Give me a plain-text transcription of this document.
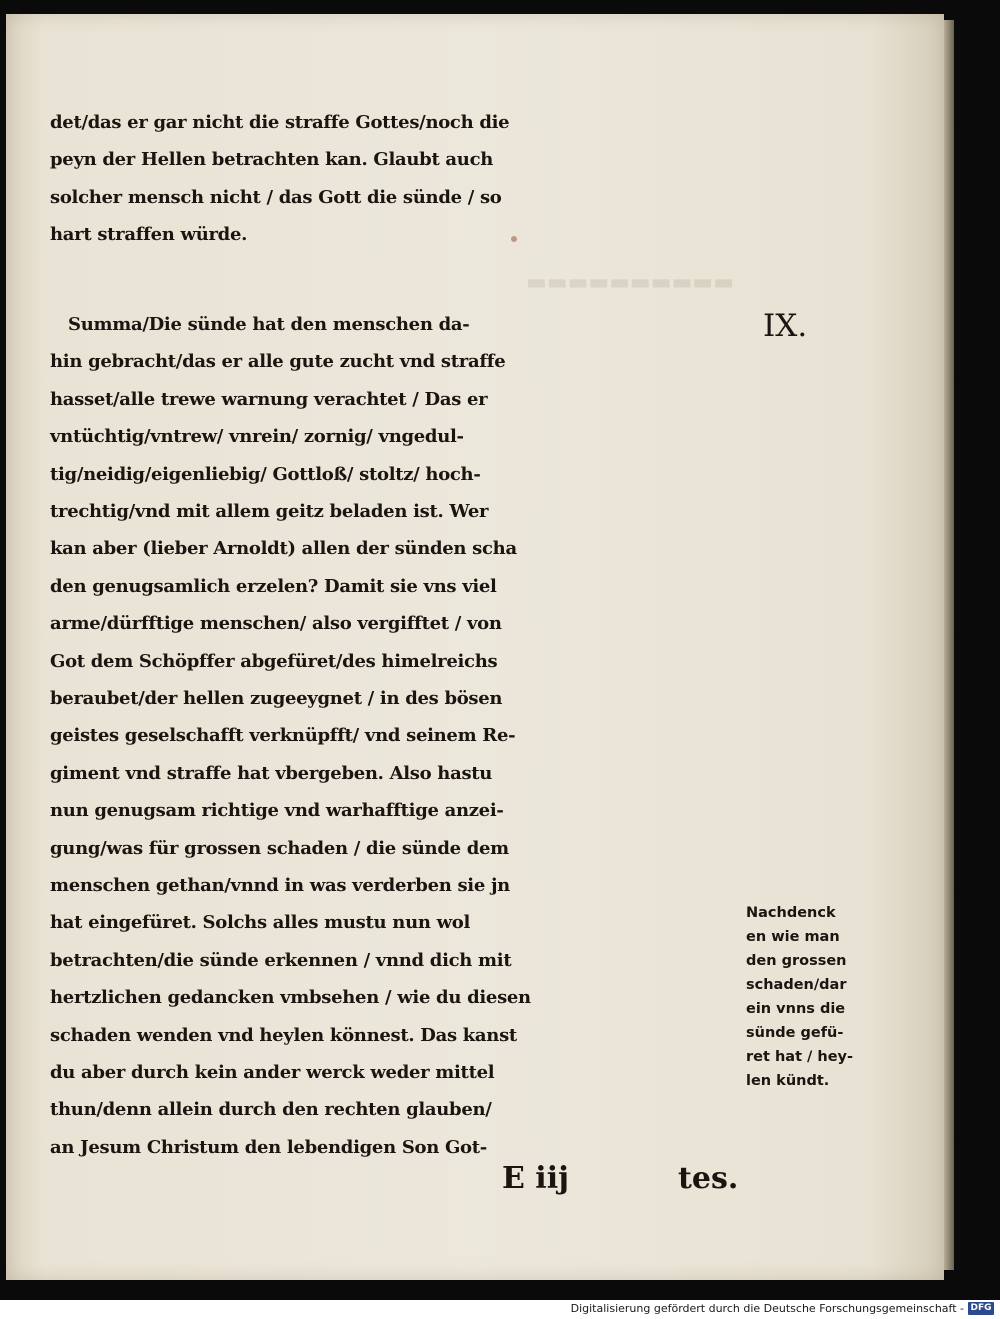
▬▬▬▬▬▬▬▬▬▬
IX.
Nachdenck
en wie man
den grossen
schaden/dar
ein vnns die
sünde gefü-
ret hat / hey-
len kündt.
E iij	tes.
det/das er gar nicht die straffe Gottes/noch die
peyn der Hellen betrachten kan. Glaubt auch
solcher mensch nicht / das Gott die sünde / so
hart straffen würde.
Summa/Die sünde hat den menschen da-
hin gebracht/das er alle gute zucht vnd straffe
hasset/alle trewe warnung verachtet / Das er
vntüchtig/vntrew/ vnrein/ zornig/ vngedul-
tig/neidig/eigenliebig/ Gottloß/ stoltz/ hoch-
trechtig/vnd mit allem geitz beladen ist. Wer
kan aber (lieber Arnoldt) allen der sünden scha
den genugsamlich erzelen? Damit sie vns viel
arme/dürfftige menschen/ also vergifftet / von
Got dem Schöpffer abgefüret/des himelreichs
beraubet/der hellen zugeeygnet / in des bösen
geistes geselschafft verknüpfft/ vnd seinem Re-
giment vnd straffe hat vbergeben. Also hastu
nun genugsam richtige vnd warhafftige anzei-
gung/was für grossen schaden / die sünde dem
menschen gethan/vnnd in was verderben sie jn
hat eingefüret. Solchs alles mustu nun wol
betrachten/die sünde erkennen / vnnd dich mit
hertzlichen gedancken vmbsehen / wie du diesen
schaden wenden vnd heylen könnest. Das kanst
du aber durch kein ander werck weder mittel
thun/denn allein durch den rechten glauben/
an Jesum Christum den lebendigen Son Got-
Digitalisierung gefördert durch die Deutsche Forschungsgemeinschaft - DFG
